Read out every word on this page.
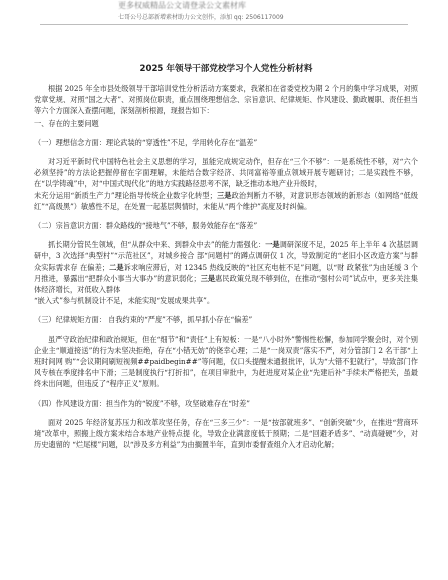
更多权威精品公文请登录公文素材库
七哥公号总部新增素材助力公文创作，添加 qq: 2506117009
2025 年领导干部党校学习个人党性分析材料

根据 2025 年全市县处级领导干部培训党性分析活动方案要求，我紧扣在省委党校为期 2 个月的集中学习成果，对照党章党规、对照“国之大者”、对照岗位职责，重点围绕理想信念、宗旨意识、纪律规矩、作风建设、勤政履职、责任担当等六个方面深入查摆问题，深刻剖析根源，现报告如下：

一、存在的主要问题

（一）理想信念方面：理论武装的“穿透性”不足，学用转化存在“温差”

对习近平新时代中国特色社会主义思想的学习，虽能完成规定动作，但存在“三个不够”：一是系统性不够，对“六个必须坚持”的方法论把握停留在字面理解，未能结合数字经济、共同富裕等重点领域开展专题研讨；二是实践性不够，在“以学铸魂”中，对“中国式现代化”的地方实践路径思考不深，缺乏推动本地产业升级时，

未充分运用“新质生产力”理论指导传统企业数字化转型；三是政治判断力不够，对意识形态领域的新形态（如网络“低级红”“高级黑”）敏感性不足，在处置一起基层舆情时，未能从“两个维护”高度及时纠偏。

（二）宗旨意识方面：群众路线的“接地气”不够，服务效能存在“落差”

抓长期分管民生领域，但“从群众中来、到群众中去”的能力需强化：一是调研深度不足，2025 年上半年 4 次基层调研中，3 次选择“典型村”“示范社区”，对城乡接合 部“问题村”的蹲点调研仅 1 次，导致制定的“老旧小区改造方案”与群众实际需求存 在偏差；二是诉求响应滞后，对 12345 热线反映的“社区充电桩不足”问题，以“财 政紧张”为由延缓 3 个月推进，暴露出“把群众小事当大事办”的意识弱化；三是惠民政策兑现不够到位，在推动“强村公司”试点中，更多关注集体经济增长，对低收入群体

“嵌入式”参与机制设计不足，未能实现“发展成果共享”。

（三）纪律规矩方面： 自我约束的“严度”不够，抓早抓小存在“偏差”

虽严守政治纪律和政治规矩，但在“细节”和“责任”上有短板：一是“八小时外”警惕性松懈，参加同学聚会时，对个别企业主“顺道接送”的行为未坚决拒绝，存在“小错无妨”的侥幸心理；二是“一岗双责”落实不严，对分管部门 2 名干部“上班时间网 购”“会议期间刷短视频##paidbegin##”等问题，仅口头提醒未通报批评，认为“大错不犯就行”，导致部门作风专核在季度排名中下滑；三是制度执行“打折扣”，在项目审批中，为赶进度对某企业“先建后补”手续未严格把关，虽最终未出问题，但违反了“程序正义”原则。

（四）作风建设方面：担当作为的“锐度”不够，攻坚破难存在“时差”

面对 2025 年经济复苏压力和改革攻坚任务，存在“三多三少”：一是“按部就班多”、“创新突破”少，在推进“营商环境”改革中，照搬上级方案未结合本地产业特点提 化，导致企业满意度低于预期；二是“回避矛盾多”、“动真碰硬”少，对历史遗留的 “烂尾楼”问题，以“涉及多方利益”为由搁置半年，直到市委督查组介入才启动化解；
